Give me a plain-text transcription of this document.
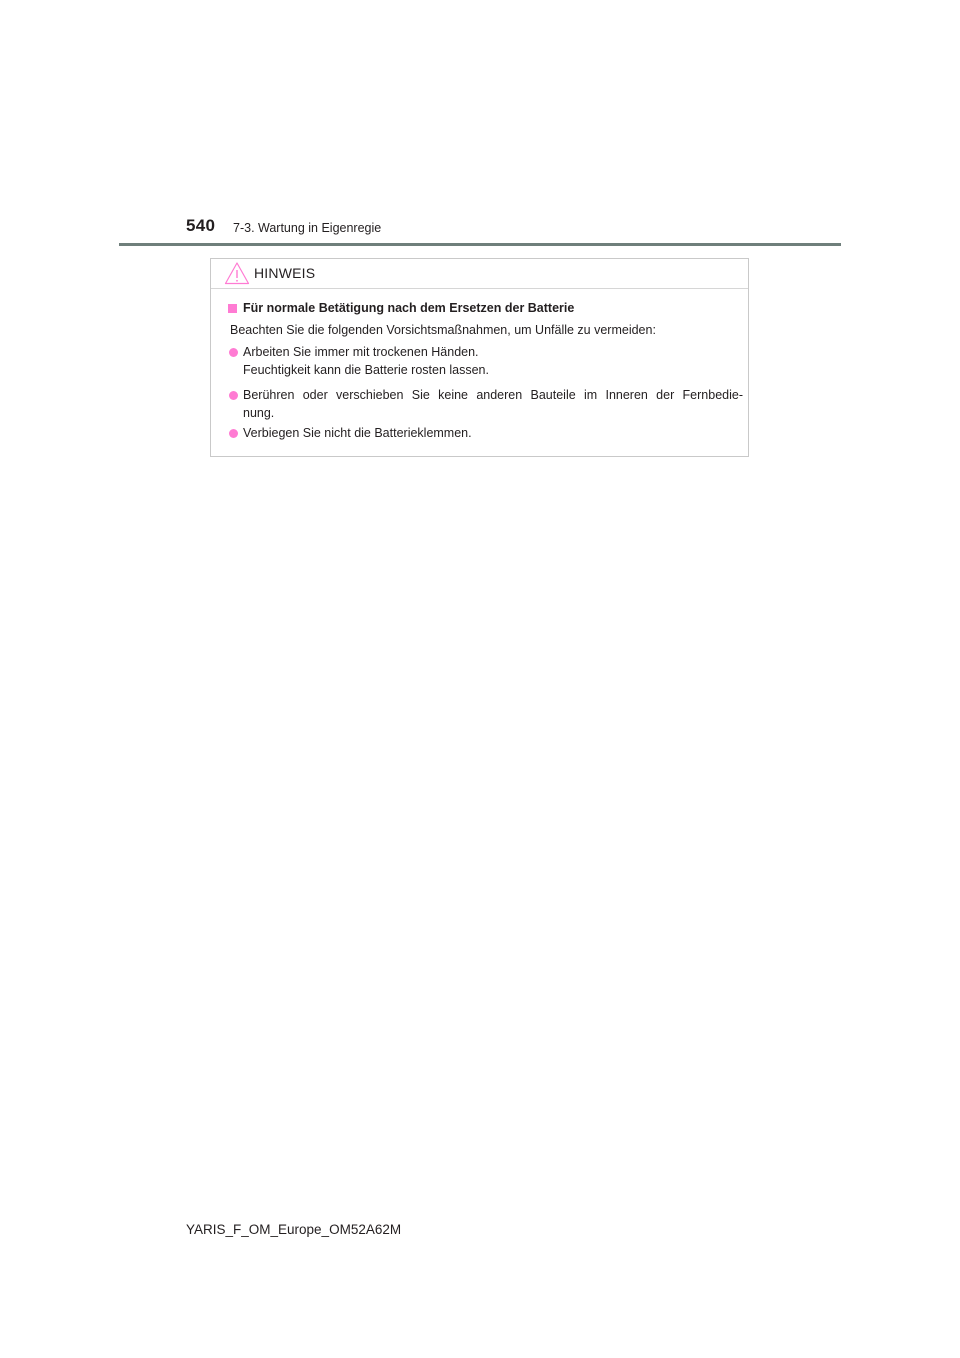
540 7-3. Wartung in Eigenregie
HINWEIS
Für normale Betätigung nach dem Ersetzen der Batterie
Beachten Sie die folgenden Vorsichtsmaßnahmen, um Unfälle zu vermeiden:
Arbeiten Sie immer mit trockenen Händen.
Feuchtigkeit kann die Batterie rosten lassen.
Berühren oder verschieben Sie keine anderen Bauteile im Inneren der Fernbedie-
nung.
Verbiegen Sie nicht die Batterieklemmen.
YARIS_F_OM_Europe_OM52A62M
